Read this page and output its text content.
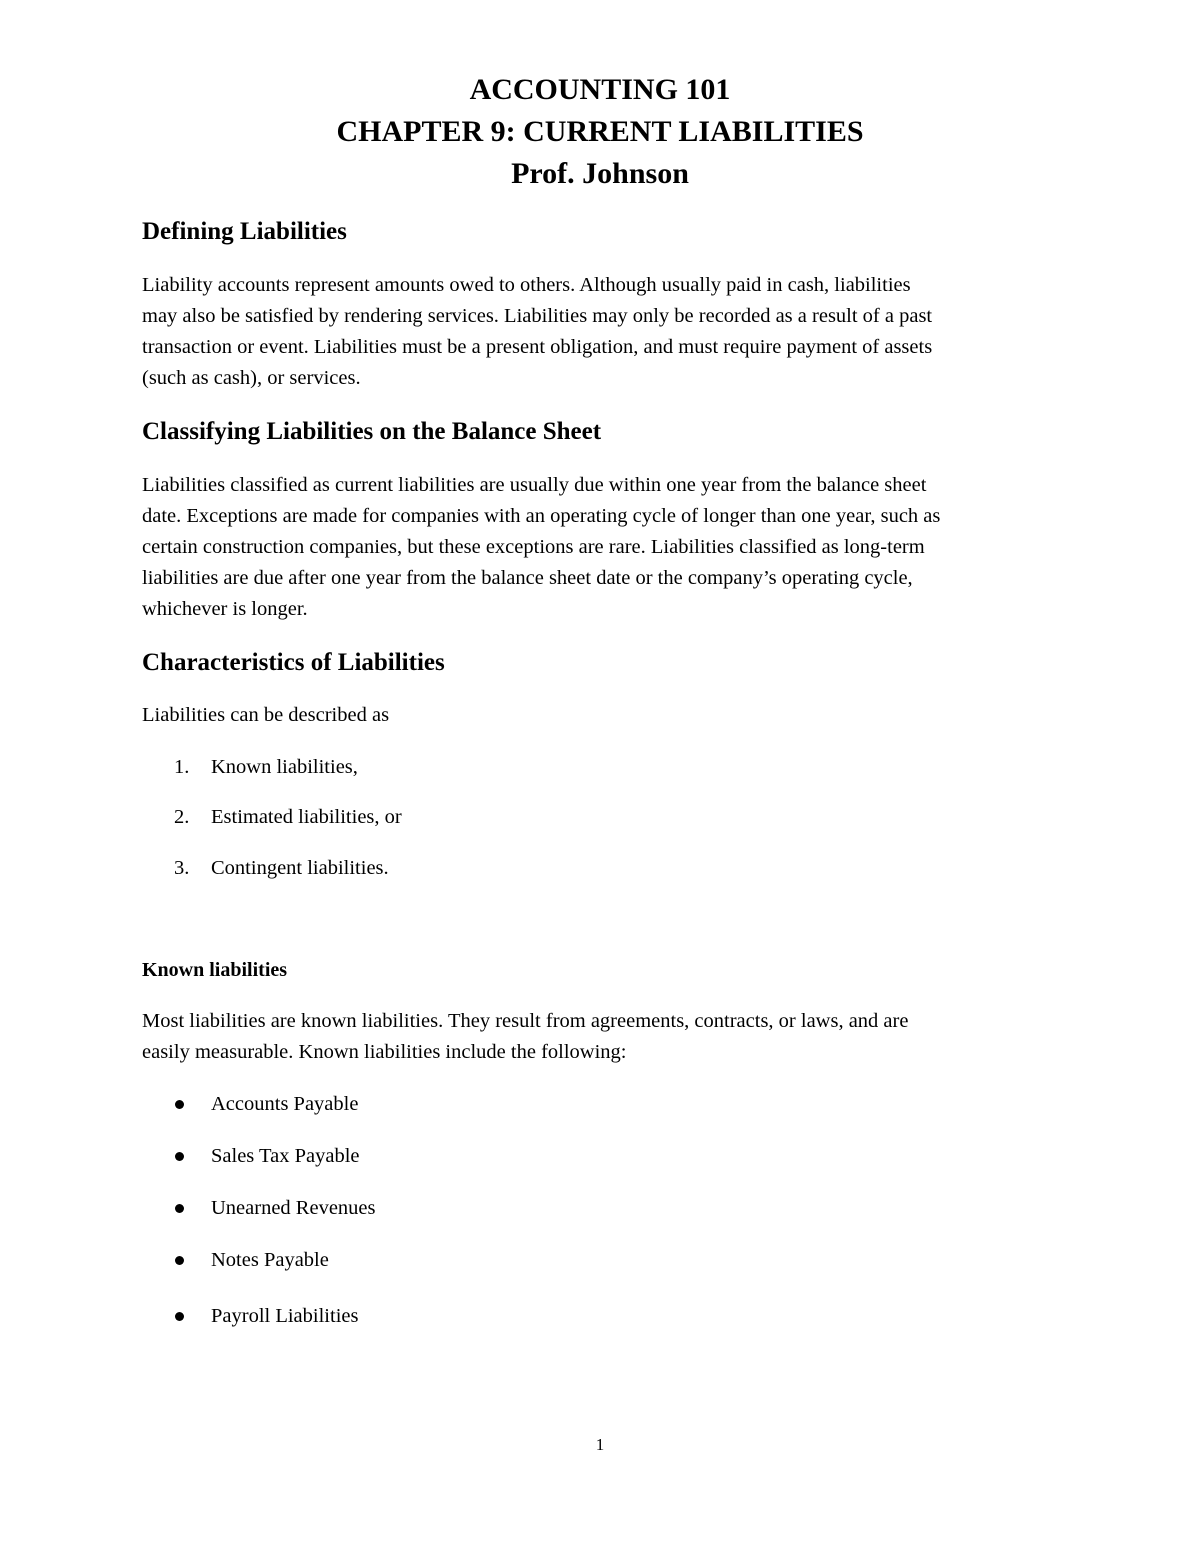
ACCOUNTING 101
CHAPTER 9: CURRENT LIABILITIES
Prof. Johnson
Defining Liabilities
Liability accounts represent amounts owed to others. Although usually paid in cash, liabilities
may also be satisfied by rendering services. Liabilities may only be recorded as a result of a past
transaction or event. Liabilities must be a present obligation, and must require payment of assets
(such as cash), or services.
Classifying Liabilities on the Balance Sheet
Liabilities classified as current liabilities are usually due within one year from the balance sheet
date. Exceptions are made for companies with an operating cycle of longer than one year, such as
certain construction companies, but these exceptions are rare. Liabilities classified as long-term
liabilities are due after one year from the balance sheet date or the company’s operating cycle,
whichever is longer.
Characteristics of Liabilities
Liabilities can be described as
1. Known liabilities,
2. Estimated liabilities, or
3. Contingent liabilities.
Known liabilities
Most liabilities are known liabilities. They result from agreements, contracts, or laws, and are
easily measurable. Known liabilities include the following:
Accounts Payable
Sales Tax Payable
Unearned Revenues
Notes Payable
Payroll Liabilities
1
